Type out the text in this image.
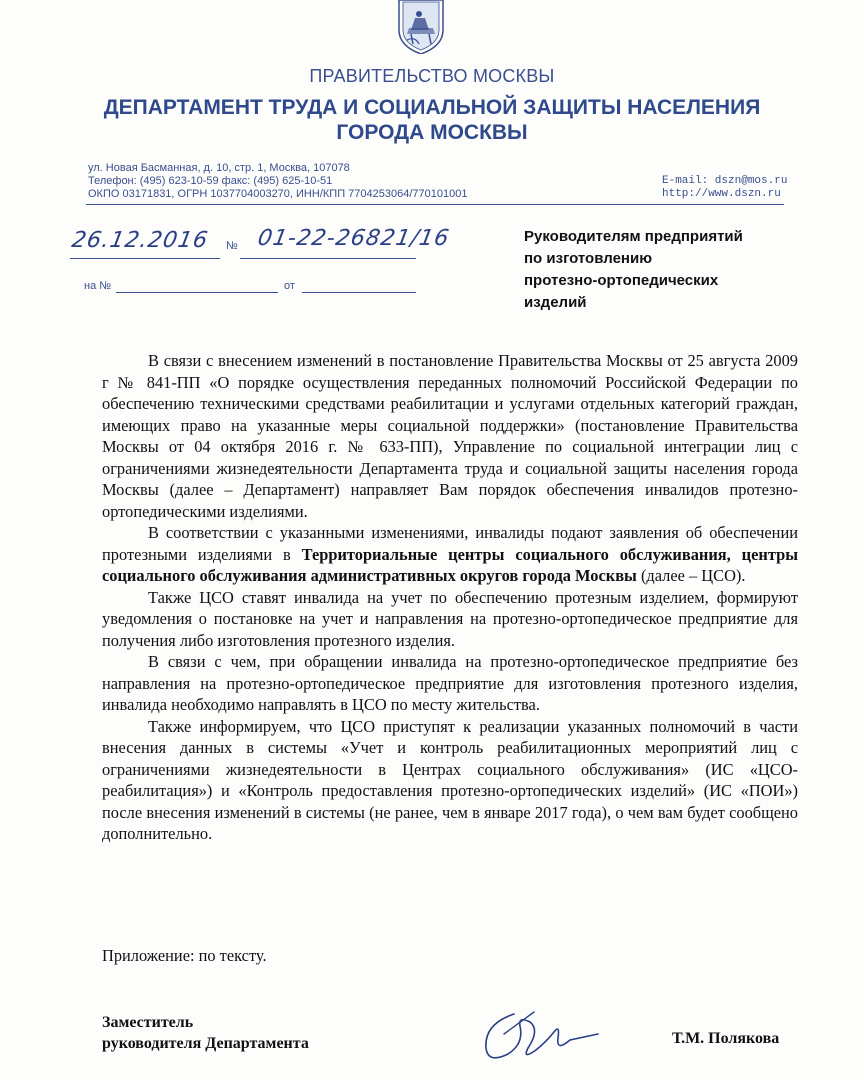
ПРАВИТЕЛЬСТВО МОСКВЫ
ДЕПАРТАМЕНТ ТРУДА И СОЦИАЛЬНОЙ ЗАЩИТЫ НАСЕЛЕНИЯ
ГОРОДА МОСКВЫ
ул. Новая Басманная, д. 10, стр. 1, Москва, 107078
Телефон: (495) 623-10-59 факс: (495) 625-10-51
ОКПО 03171831, ОГРН 1037704003270, ИНН/КПП 7704253064/770101001
E-mail: dszn@mos.ru
http://www.dszn.ru
26.12.2016 № 01-22-26821/16
на №	от
Руководителям предприятий
по изготовлению
протезно-ортопедических
изделий

В связи с внесением изменений в постановление Правительства Москвы от 25 августа 2009 г № 841-ПП «О порядке осуществления переданных полномочий Российской Федерации по обеспечению техническими средствами реабилитации и услугами отдельных категорий граждан, имеющих право на указанные меры социальной поддержки» (постановление Правительства Москвы от 04 октября 2016 г. № 633-ПП), Управление по социальной интеграции лиц с ограничениями жизнедеятельности Департамента труда и социальной защиты населения города Москвы (далее – Департамент) направляет Вам порядок обеспечения инвалидов протезно-ортопедическими изделиями.

В соответствии с указанными изменениями, инвалиды подают заявления об обеспечении протезными изделиями в Территориальные центры социального обслуживания, центры социального обслуживания административных округов города Москвы (далее – ЦСО).

Также ЦСО ставят инвалида на учет по обеспечению протезным изделием, формируют уведомления о постановке на учет и направления на протезно-ортопедическое предприятие для получения либо изготовления протезного изделия.

В связи с чем, при обращении инвалида на протезно-ортопедическое предприятие без направления на протезно-ортопедическое предприятие для изготовления протезного изделия, инвалида необходимо направлять в ЦСО по месту жительства.

Также информируем, что ЦСО приступят к реализации указанных полномочий в части внесения данных в системы «Учет и контроль реабилитационных мероприятий лиц с ограничениями жизнедеятельности в Центрах социального обслуживания» (ИС «ЦСО-реабилитация») и «Контроль предоставления протезно-ортопедических изделий» (ИС «ПОИ») после внесения изменений в системы (не ранее, чем в январе 2017 года), о чем вам будет сообщено дополнительно.

Приложение: по тексту.
Заместитель
руководителя Департамента	Т.М. Полякова
